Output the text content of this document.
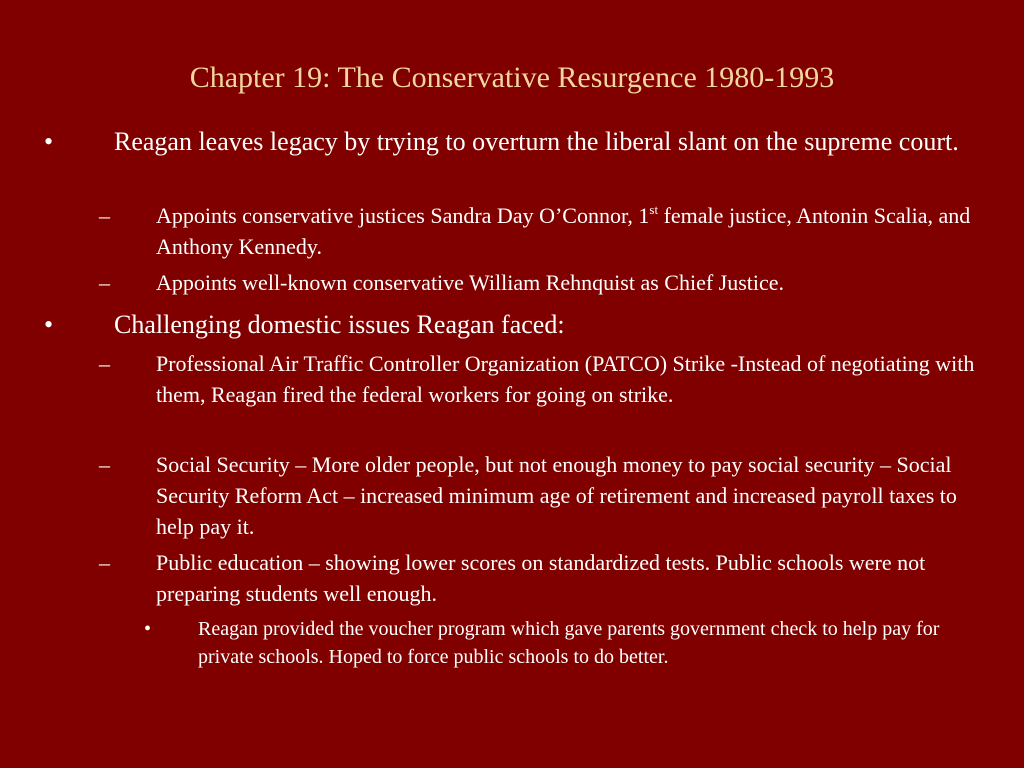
Chapter 19: The Conservative Resurgence 1980-1993

•	Reagan leaves legacy by trying to overturn the liberal slant on the supreme court.

–	Appoints conservative justices Sandra Day O’Connor, 1st female justice, Antonin Scalia, and Anthony Kennedy.

–	Appoints well-known conservative William Rehnquist as Chief Justice.

•	Challenging domestic issues Reagan faced:

–	Professional Air Traffic Controller Organization (PATCO) Strike -Instead of negotiating with them, Reagan fired the federal workers for going on strike.

–	Social Security – More older people, but not enough money to pay social security – Social Security Reform Act – increased minimum age of retirement and increased payroll taxes to help pay it.

–	Public education – showing lower scores on standardized tests. Public schools were not preparing students well enough.

•	Reagan provided the voucher program which gave parents government check to help pay for private schools. Hoped to force public schools to do better.
